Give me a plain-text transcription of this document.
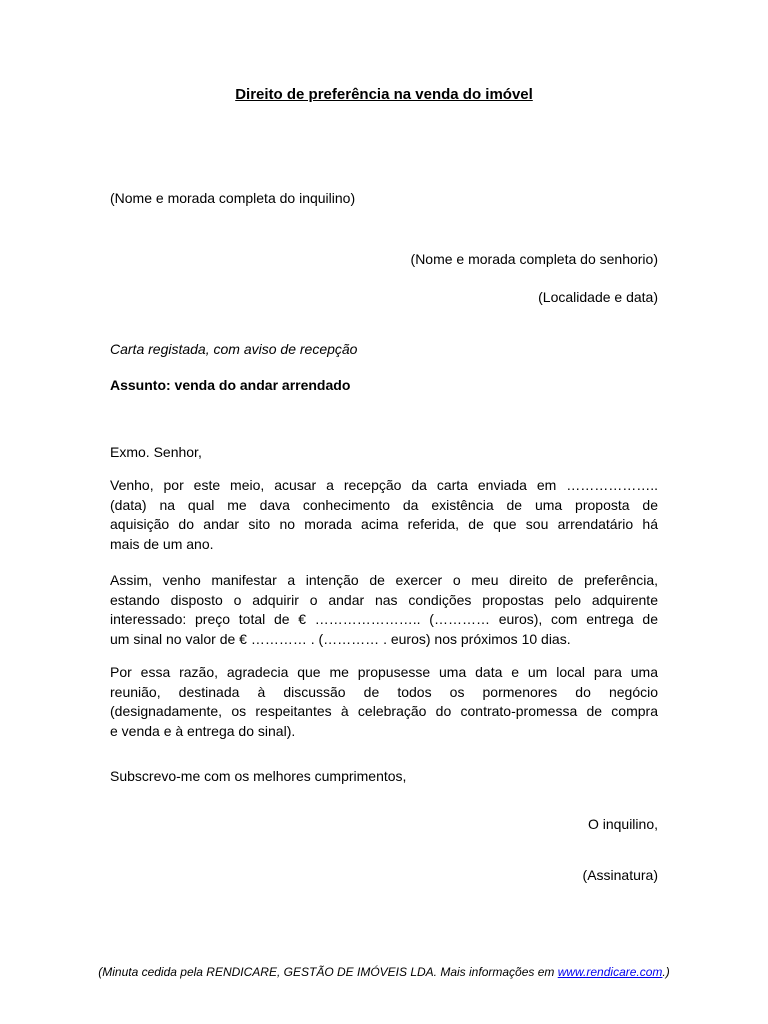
Direito de preferência na venda do imóvel
(Nome e morada completa do inquilino)
(Nome e morada completa do senhorio)
(Localidade e data)
Carta registada, com aviso de recepção
Assunto: venda do andar arrendado
Exmo. Senhor,
Venho, por este meio, acusar a recepção da carta enviada em ………………..
(data) na qual me dava conhecimento da existência de uma proposta de
aquisição do andar sito no morada acima referida, de que sou arrendatário há
mais de um ano.
Assim, venho manifestar a intenção de exercer o meu direito de preferência,
estando disposto o adquirir o andar nas condições propostas pelo adquirente
interessado: preço total de € ………………….. (………… euros), com entrega de
um sinal no valor de € ………… . (………… . euros) nos próximos 10 dias.
Por essa razão, agradecia que me propusesse uma data e um local para uma
reunião, destinada à discussão de todos os pormenores do negócio
(designadamente, os respeitantes à celebração do contrato-promessa de compra
e venda e à entrega do sinal).
Subscrevo-me com os melhores cumprimentos,
O inquilino,
(Assinatura)
(Minuta cedida pela RENDICARE, GESTÃO DE IMÓVEIS LDA. Mais informações em www.rendicare.com.)
